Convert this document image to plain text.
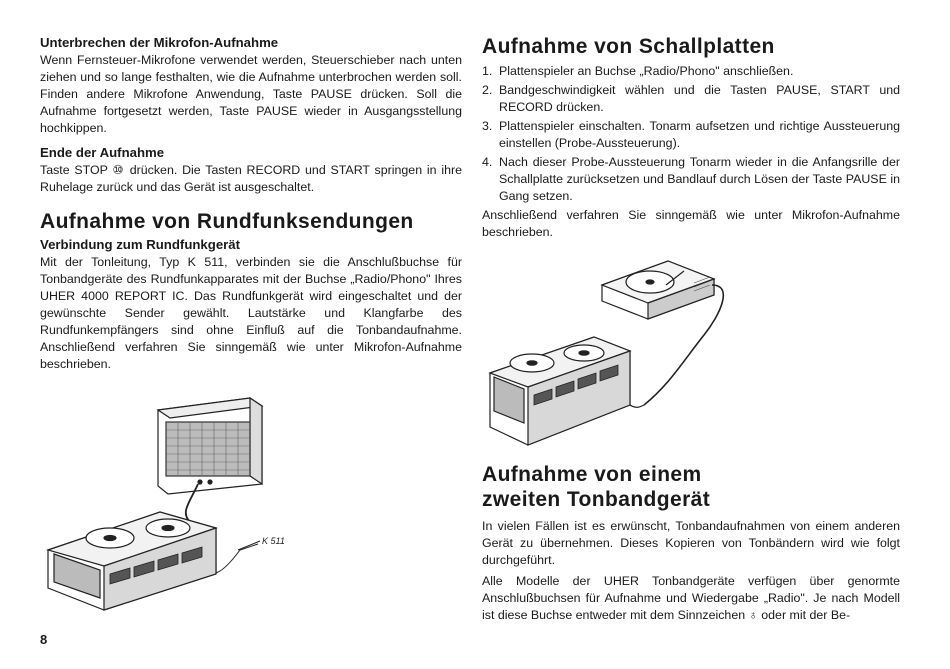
Unterbrechen der Mikrofon-Aufnahme

Wenn Fernsteuer-Mikrofone verwendet werden, Steuerschieber nach unten ziehen und so lange festhalten, wie die Aufnahme unterbrochen werden soll. Finden andere Mikrofone Anwendung, Taste PAUSE drücken. Soll die Aufnahme fortgesetzt werden, Taste PAUSE wieder in Ausgangsstellung hochkippen.

Ende der Aufnahme

Taste STOP ⑩ drücken. Die Tasten RECORD und START springen in ihre Ruhelage zurück und das Gerät ist ausgeschaltet.

Aufnahme von Rundfunksendungen
Verbindung zum Rundfunkgerät

Mit der Tonleitung, Typ K 511, verbinden sie die Anschlußbuchse für Tonbandgeräte des Rundfunkapparates mit der Buchse „Radio/Phono" Ihres UHER 4000 REPORT IC. Das Rundfunkgerät wird eingeschaltet und der gewünschte Sender gewählt. Lautstärke und Klangfarbe des Rundfunkempfängers sind ohne Einfluß auf die Tonbandaufnahme. Anschließend verfahren Sie sinngemäß wie unter Mikrofon-Aufnahme beschrieben.

K 511
Aufnahme von Schallplatten
1. Plattenspieler an Buchse „Radio/Phono" anschließen.
2. Bandgeschwindigkeit wählen und die Tasten PAUSE, START und RECORD drücken.
3. Plattenspieler einschalten. Tonarm aufsetzen und richtige Aussteuerung einstellen (Probe-Aussteuerung).
4. Nach dieser Probe-Aussteuerung Tonarm wieder in die Anfangsrille der Schallplatte zurücksetzen und Bandlauf durch Lösen der Taste PAUSE in Gang setzen.

Anschließend verfahren Sie sinngemäß wie unter Mikrofon-Aufnahme beschrieben.

Aufnahme von einem
zweiten Tonbandgerät

In vielen Fällen ist es erwünscht, Tonbandaufnahmen von einem anderen Gerät zu übernehmen. Dieses Kopieren von Tonbändern wird wie folgt durchgeführt.

Alle Modelle der UHER Tonbandgeräte verfügen über genormte Anschlußbuchsen für Aufnahme und Wiedergabe „Radio". Je nach Modell ist diese Buchse entweder mit dem Sinnzeichen ♁ oder mit der Be-

8
